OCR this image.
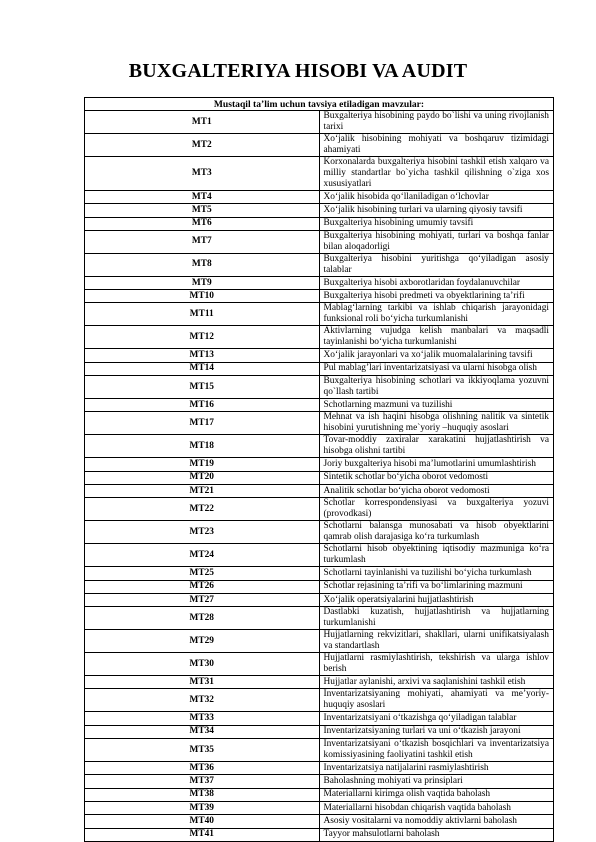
BUXGALTERIYA HISOBI VA AUDIT
Mustaqil ta’lim uchun tavsiya etiladigan mavzular:	
MT1	Buxgalteriya hisobining paydo bo`lishi va uning rivojlanish tarixi
MT2	Xo‘jalik hisobining mohiyati va boshqaruv tizimidagi ahamiyati
MT3	Korxonalarda buxgalteriya hisobini tashkil etish xalqaro va milliy standartlar bo`yicha tashkil qilishning o`ziga xos xususiyatlari
MT4	Xo‘jalik hisobida qo‘llaniladigan o‘lchovlar
MT5	Xo‘jalik hisobining turlari va ularning qiyosiy tavsifi
MT6	Buxgalteriya hisobining umumiy tavsifi
MT7	Buxgalteriya hisobining mohiyati, turlari va boshqa fanlar bilan aloqadorligi
MT8	Buxgalteriya hisobini yuritishga qo‘yiladigan asosiy talablar
MT9	Buxgalteriya hisobi axborotlaridan foydalanuvchilar
MT10	Buxgalteriya hisobi predmeti va obyektlarining ta’rifi
MT11	Mablag‘larning tarkibi va ishlab chiqarish jarayonidagi funksional roli bo‘yicha turkumlanishi
MT12	Aktivlarning vujudga kelish manbalari va maqsadli tayinlanishi bo‘yicha turkumlanishi
MT13	Xo‘jalik jarayonlari va xo‘jalik muomalalarining tavsifi
MT14	Pul mablag’lari inventarizatsiyasi va ularni hisobga olish
MT15	Buxgalteriya hisobining schotlari va ikkiyoqlama yozuvni qo`llash tartibi
MT16	Schotlarning mazmuni va tuzilishi
MT17	Mehnat va ish haqini hisobga olishning nalitik va sintetik hisobini yurutishning me`yoriy –huquqiy asoslari
MT18	Tovar-moddiy zaxiralar xarakatini hujjatlashtirish va hisobga olishni tartibi
MT19	Joriy buxgalteriya hisobi ma’lumotlarini umumlashtirish
MT20	Sintetik schotlar bo‘yicha oborot vedomosti
MT21	Analitik schotlar bo‘yicha oborot vedomosti
MT22	Schotlar korrespondensiyasi va buxgalteriya yozuvi (provodkasi)
MT23	Schotlarni balansga munosabati va hisob obyektlarini qamrab olish darajasiga ko‘ra turkumlash
MT24	Schotlarni hisob obyektining iqtisodiy mazmuniga ko‘ra turkumlash
MT25	Schotlarni tayinlanishi va tuzilishi bo‘yicha turkumlash
MT26	Schotlar rejasining ta’rifi va bo‘limlarining mazmuni
MT27	Xo‘jalik operatsiyalarini hujjatlashtirish
MT28	Dastlabki kuzatish, hujjatlashtirish va hujjatlarning turkumlanishi
MT29	Hujjatlarning rekvizitlari, shakllari, ularni unifikatsiyalash va standartlash
MT30	Hujjatlarni rasmiylashtirish, tekshirish va ularga ishlov berish
MT31	Hujjatlar aylanishi, arxivi va saqlanishini tashkil etish
MT32	Inventarizatsiyaning mohiyati, ahamiyati va me’yoriy-huquqiy asoslari
MT33	Inventarizatsiyani o‘tkazishga qo‘yiladigan talablar
MT34	Inventarizatsiyaning turlari va uni o‘tkazish jarayoni
MT35	Inventarizatsiyani o‘tkazish bosqichlari va inventarizatsiya komissiyasining faoliyatini tashkil etish
MT36	Inventarizatsiya natijalarini rasmiylashtirish
MT37	Baholashning mohiyati va prinsiplari
MT38	Materiallarni kirimga olish vaqtida baholash
MT39	Materiallarni hisobdan chiqarish vaqtida baholash
MT40	Asosiy vositalarni va nomoddiy aktivlarni baholash
MT41	Tayyor mahsulotlarni baholash
